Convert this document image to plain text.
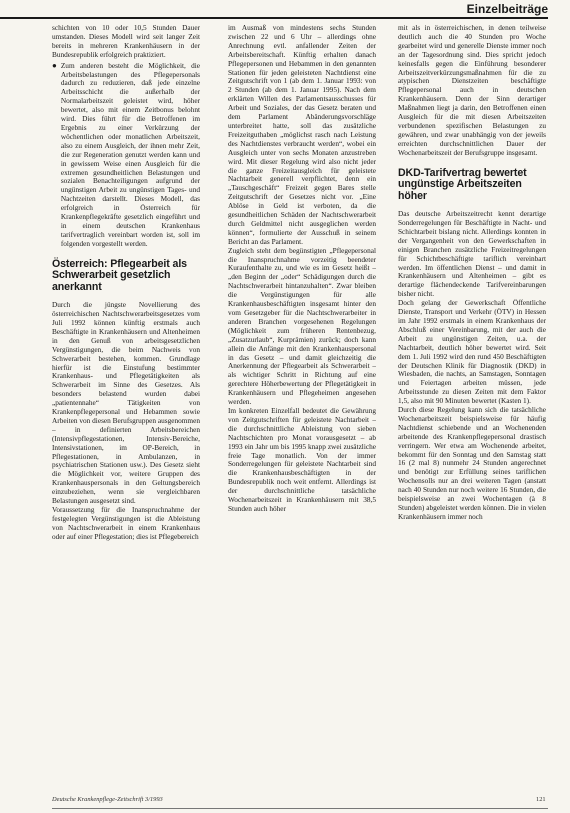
Einzelbeiträge

schichten von 10 oder 10,5 Stunden Dauer umstanden. Dieses Modell wird seit langer Zeit bereits in mehreren Krankenhäusern in der Bundesrepublik erfolgreich praktiziert.

● Zum anderen besteht die Möglichkeit, die Arbeitsbelastungen des Pflegepersonals dadurch zu reduzieren, daß jede einzelne Arbeitsschicht die außerhalb der Normalarbeitszeit geleistet wird, höher bewertet, also mit einem Zeitbonus belohnt wird. Dies führt für die Betroffenen im Ergebnis zu einer Verkürzung der wöchentlichen oder monatlichen Arbeitszeit, also zu einem Ausgleich, der ihnen mehr Zeit, die zur Regeneration genutzt werden kann und in gewissem Weise einen Ausgleich für die extremen gesundheitlichen Belastungen und sozialen Benachteiligungen aufgrund der ungünstigen Arbeit zu ungünstigen Tages- und Nachtzeiten darstellt. Dieses Modell, das erfolgreich in Österreich für Krankenpflegekräfte gesetzlich eingeführt und in einem deutschen Krankenhaus tarifvertraglich vereinbart worden ist, soll im folgenden vorgestellt werden.
Österreich: Pflegearbeit als Schwerarbeit gesetzlich anerkannt

Durch die jüngste Novellierung des österreichischen Nachtschwerarbeitsgesetzes vom Juli 1992 können künftig erstmals auch Beschäftigte in Krankenhäusern und Altenheimen in den Genuß von arbeitsgesetzlichen Vergünstigungen, die beim Nachweis von Schwerarbeit bestehen, kommen. Grundlage hierfür ist die Einstufung bestimmter Krankenhaus- und Pflegetätigkeiten als Schwerarbeit im Sinne des Gesetzes. Als besonders belastend wurden dabei „patientennahe“ Tätigkeiten von Krankenpflegepersonal und Hebammen sowie Arbeiten von diesen Berufsgruppen ausgenommen – in definierten Arbeitsbereichen (Intensivpflegestationen, Intensiv-Bereiche, Intensivstationen, im OP-Bereich, in Pflegestationen, in Ambulanzen, in psychiatrischen Stationen usw.). Des Gesetz sieht die Möglichkeit vor, weitere Gruppen des Krankenhauspersonals in den Geltungsbereich einzubeziehen, wenn sie vergleichbaren Belastungen ausgesetzt sind.

Voraussetzung für die Inanspruchnahme der festgelegten Vergünstigungen ist die Ableistung von Nachtschwerarbeit in einem Krankenhaus oder auf einer Pflegestation; dies ist Pflegebereich

im Ausmaß von mindestens sechs Stunden zwischen 22 und 6 Uhr – allerdings ohne Anrechnung evtl. anfallender Zeiten der Arbeitsbereitschaft. Künftig erhalten danach Pflegepersonen und Hebammen in den genannten Stationen für jeden geleisteten Nachtdienst eine Zeitgutschrift von 1 (ab dem 1. Januar 1993: von 2 Stunden (ab dem 1. Januar 1995). Nach dem erklärten Willen des Parlamentsausschusses für Arbeit und Soziales, der das Gesetz beraten und dem Parlament Abänderungsvorschläge unterbreitet hatte, soll das zusätzliche Freizeitguthaben „möglichst rasch nach Leistung des Nachtdienstes verbraucht werden“, wobei ein Ausgleich unter von sechs Monaten anzustreben wird. Mit dieser Regelung wird also nicht jeder die ganze Freizeitausgleich für geleistete Nachtarbeit generell verpflichtet, denn ein „Tauschgeschäft“ Freizeit gegen Bares stelle Zeitgutschrift der Gesetzes nicht vor. „Eine Ablöse in Geld ist verboten, da die gesundheitlichen Schäden der Nachtschwerarbeit durch Geldmittel nicht ausgeglichen werden können“, formulierte der Ausschuß in seinem Bericht an das Parlament.

Zugleich steht dem begünstigten „Pflegepersonal die Inanspruchnahme vorzeitig beendeter Kuraufenthalte zu, und wie es im Gesetz heißt – „den Beginn der „oder“ Schädigungen durch die Nachtschwerarbeit hintanzuhalten“. Zwar bleiben die Vergünstigungen für alle Krankenhausbeschäftigten insgesamt hinter den vom Gesetzgeber für die Nachtschwerarbeiter in anderen Branchen vorgesehenen Regelungen (Möglichkeit zum früheren Rentenbezug, „Zusatzurlaub“, Kurprämien) zurück; doch kann allein die Anfänge mit den Krankenhauspersonal in das Gesetz – und damit gleichzeitig die Anerkennung der Pflegearbeit als Schwerarbeit – als wichtiger Schritt in Richtung auf eine gerechtere Höherbewertung der Pflegetätigkeit in Krankenhäusern und Pflegeheimen angesehen werden.

Im konkreten Einzelfall bedeutet die Gewährung von Zeitgutschriften für geleistete Nachtarbeit – die durchschnittliche Ableistung von sieben Nachtschichten pro Monat vorausgesetzt – ab 1993 ein Jahr um bis 1995 knapp zwei zusätzliche freie Tage monatlich. Von der immer Sonderregelungen für geleistete Nachtarbeit sind die Krankenhausbeschäftigten in der Bundesrepublik noch weit entfernt. Allerdings ist der durchschnittliche tatsächliche Wochenarbeitszeit in Krankenhäusern mit 38,5 Stunden auch höher

mit als in österreichischen, in denen teilweise deutlich auch die 40 Stunden pro Woche gearbeitet wird und generelle Dienste immer noch an der Tagesordnung sind. Dies spricht jedoch keinesfalls gegen die Einführung besonderer Arbeitszeitverkürzungsmaßnahmen für die zu atypischen Dienstzeiten beschäftigte Pflegepersonal auch in deutschen Krankenhäusern. Denn der Sinn derartiger Maßnahmen liegt ja darin, den Betroffenen einen Ausgleich für die mit diesen Arbeitszeiten verbundenen spezifischen Belastungen zu gewähren, und zwar unabhängig von der jeweils erreichten durchschnittlichen Dauer der Wochenarbeitszeit der Berufsgruppe insgesamt.

DKD-Tarifvertrag bewertet ungünstige Arbeitszeiten höher

Das deutsche Arbeitszeitrecht kennt derartige Sonderregelungen für Beschäftigte in Nacht- und Schichtarbeit bislang nicht. Allerdings konnten in der Vergangenheit von den Gewerkschaften in einigen Branchen zusätzliche Freizeitregelungen für Schichtbeschäftigte tariflich vereinbart werden. Im öffentlichen Dienst – und damit in Krankenhäusern und Altenheimen – gibt es derartige flächendeckende Tarifvereinbarungen bisher nicht.

Doch gelang der Gewerkschaft Öffentliche Dienste, Transport und Verkehr (ÖTV) in Hessen im Jahr 1992 erstmals in einem Krankenhaus der Abschluß einer Vereinbarung, mit der auch die Arbeit zu ungünstigen Zeiten, u.a. der Nachtarbeit, deutlich höher bewertet wird. Seit dem 1. Juli 1992 wird den rund 450 Beschäftigten der Deutschen Klinik für Diagnostik (DKD) in Wiesbaden, die nachts, an Samstagen, Sonntagen und Feiertagen arbeiten müssen, jede Arbeitsstunde zu diesen Zeiten mit dem Faktor 1,5, also mit 90 Minuten bewertet (Kasten 1).

Durch diese Regelung kann sich die tatsächliche Wochenarbeitszeit beispielsweise für häufig Nachtdienst schiebende und an Wochenenden arbeitende des Krankenpflegepersonal drastisch verringern. Wer etwa am Wochenende arbeitet, bekommt für den Sonntag und den Samstag statt 16 (2 mal 8) nunmehr 24 Stunden angerechnet und benötigt zur Erfüllung seines tariflichen Wochensolls nur an drei weiteren Tagen (anstatt nach 40 Stunden nur noch weitere 16 Stunden, die beispielsweise an zwei Wochentagen (à 8 Stunden) abgeleistet werden können. Die in vielen Krankenhäusern immer noch

Deutsche Krankenpflege-Zeitschrift 3/1993	121
